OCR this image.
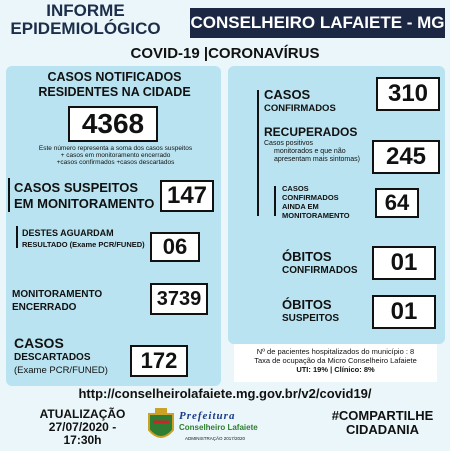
INFORME
EPIDEMIOLÓGICO CONSELHEIRO LAFAIETE - MG
COVID-19 |CORONAVÍRUS
CASOS NOTIFICADOS
RESIDENTES NA CIDADE
4368
Este número representa a soma dos casos suspeitos
+ casos em monitoramento encerrado
+casos confirmados +casos descartados
CASOS SUSPEITOS
EM MONITORAMENTO 147
DESTES AGUARDAM
RESULTADO (Exame PCR/FUNED) 06
MONITORAMENTO
ENCERRADO	3739
CASOS
DESCARTADOS
(Exame PCR/FUNED)	172
CASOS
CONFIRMADOS
310
RECUPERADOS
Casos positivos
monitorados e que não
apresentam mais sintomas)	245
CASOS
CONFIRMADOS
AINDA EM
MONITORAMENTO
64
ÓBITOS
CONFIRMADOS	01
ÓBITOS
SUSPEITOS	01
Nº de pacientes hospitalizados do município : 8
Taxa de ocupação da Micro Conselheiro Lafaiete
UTI: 19% | Clínico: 8%
http://conselheirolafaiete.mg.gov.br/v2/covid19/
ATUALIZAÇÃO
27/07/2020 - 17:30h
Prefeitura
Conselheiro Lafaiete
ADMINISTRAÇÃO 2017/2020
#COMPARTILHE
CIDADANIA
